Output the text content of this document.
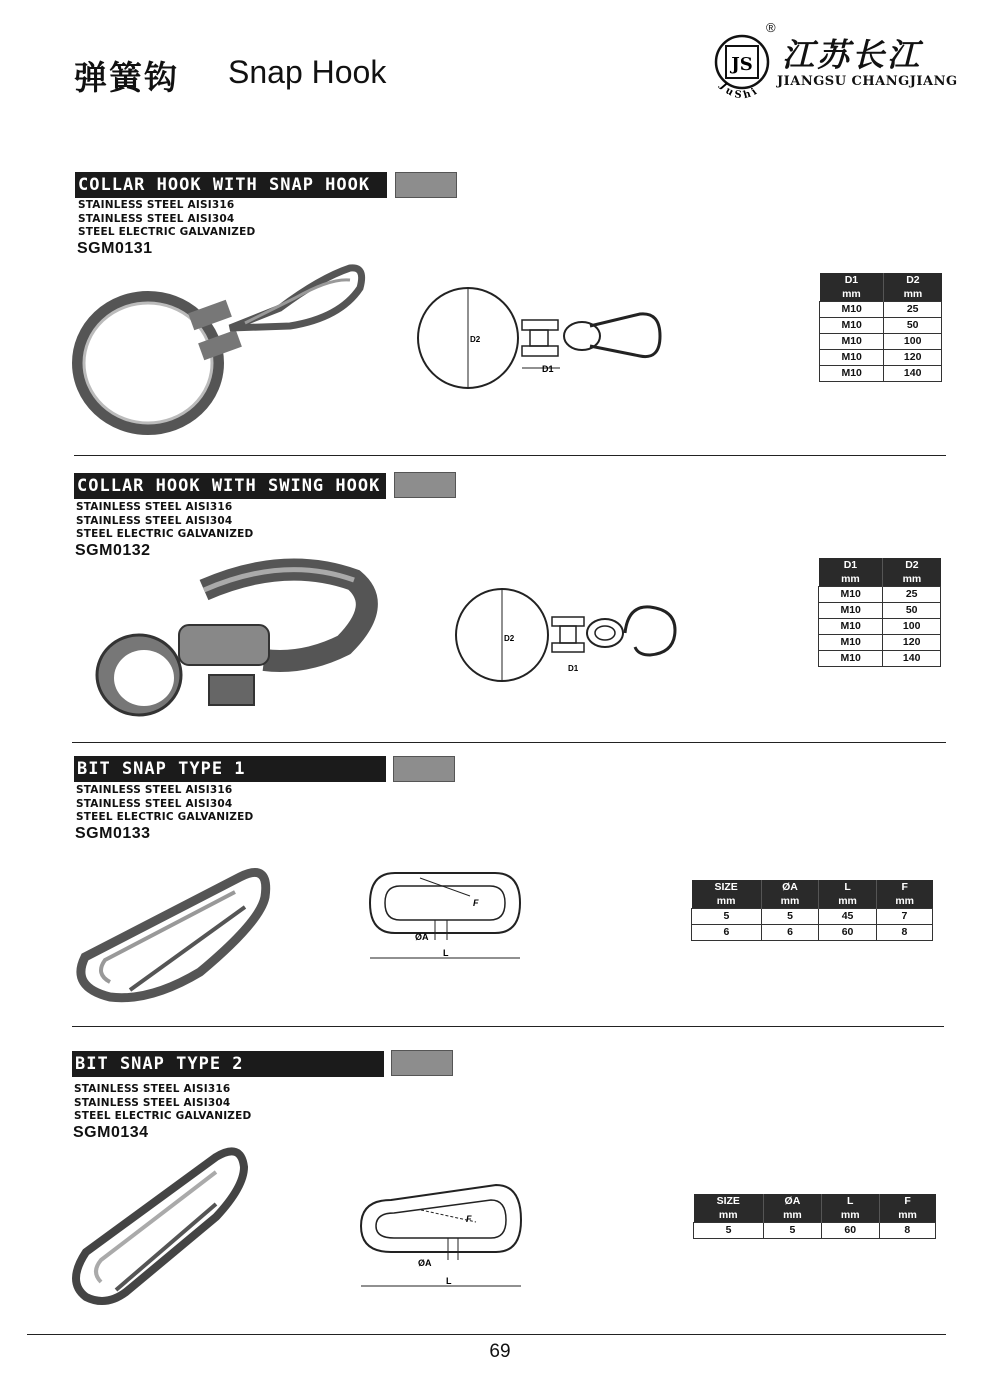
弹簧钩 Snap Hook	JS
JuShi
®
江苏长江
JIANGSU CHANGJIANG
COLLAR HOOK WITH SNAP HOOK
STAINLESS STEEL AISI316
STAINLESS STEEL AISI304
STEEL ELECTRIC GALVANIZED
SGM0131
D2
D1
D1	D2
mm	mm
M10	25
M10	50
M10	100
M10	120
M10	140
COLLAR HOOK WITH SWING HOOK
STAINLESS STEEL AISI316
STAINLESS STEEL AISI304
STEEL ELECTRIC GALVANIZED
SGM0132
D2
D1
D1	D2
mm	mm
M10	25
M10	50
M10	100
M10	120
M10	140
BIT SNAP TYPE 1
STAINLESS STEEL AISI316
STAINLESS STEEL AISI304
STEEL ELECTRIC GALVANIZED
SGM0133
F
ØA
L
SIZE	ØA	L	F
mm	mm	mm	mm
5	5	45	7
6	6	60	8
BIT SNAP TYPE 2
STAINLESS STEEL AISI316
STAINLESS STEEL AISI304
STEEL ELECTRIC GALVANIZED
SGM0134
F
ØA
L
SIZE	ØA	L	F
mm	mm	mm	mm
5	5	60	8
69
